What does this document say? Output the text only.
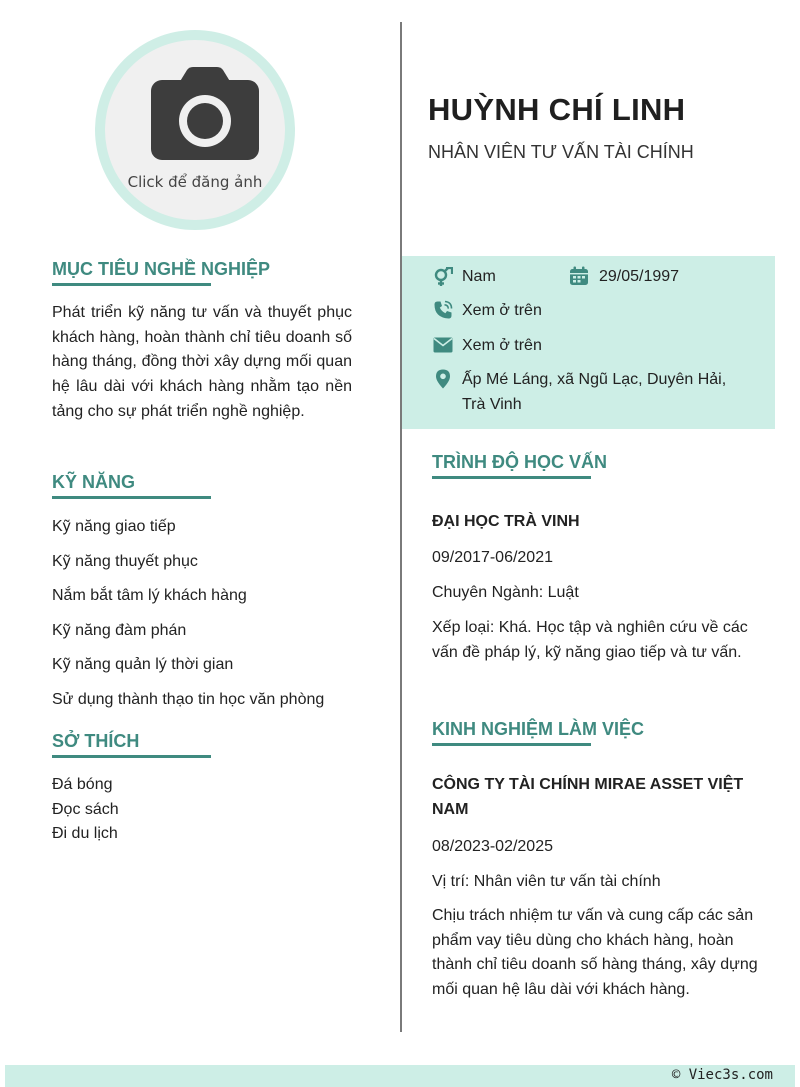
Click để đăng ảnh
MỤC TIÊU NGHỀ NGHIỆP
Phát triển kỹ năng tư vấn và thuyết phục khách hàng, hoàn thành chỉ tiêu doanh số hàng tháng, đồng thời xây dựng mối quan hệ lâu dài với khách hàng nhằm tạo nền tảng cho sự phát triển nghề nghiệp.
KỸ NĂNG
Kỹ năng giao tiếp
Kỹ năng thuyết phục
Nắm bắt tâm lý khách hàng
Kỹ năng đàm phán
Kỹ năng quản lý thời gian
Sử dụng thành thạo tin học văn phòng
SỞ THÍCH
Đá bóng
Đọc sách
Đi du lịch
HUỲNH CHÍ LINH
NHÂN VIÊN TƯ VẤN TÀI CHÍNH
Nam	29/05/1997
Xem ở trên
Xem ở trên
Ấp Mé Láng, xã Ngũ Lạc, Duyên Hải,
Trà Vinh
TRÌNH ĐỘ HỌC VẤN
ĐẠI HỌC TRÀ VINH
09/2017-06/2021
Chuyên Ngành: Luật
Xếp loại: Khá. Học tập và nghiên cứu về các vấn đề pháp lý, kỹ năng giao tiếp và tư vấn.
KINH NGHIỆM LÀM VIỆC
CÔNG TY TÀI CHÍNH MIRAE ASSET VIỆT NAM
08/2023-02/2025
Vị trí: Nhân viên tư vấn tài chính
Chịu trách nhiệm tư vấn và cung cấp các sản phẩm vay tiêu dùng cho khách hàng, hoàn thành chỉ tiêu doanh số hàng tháng, xây dựng mối quan hệ lâu dài với khách hàng.
© Viec3s.com
